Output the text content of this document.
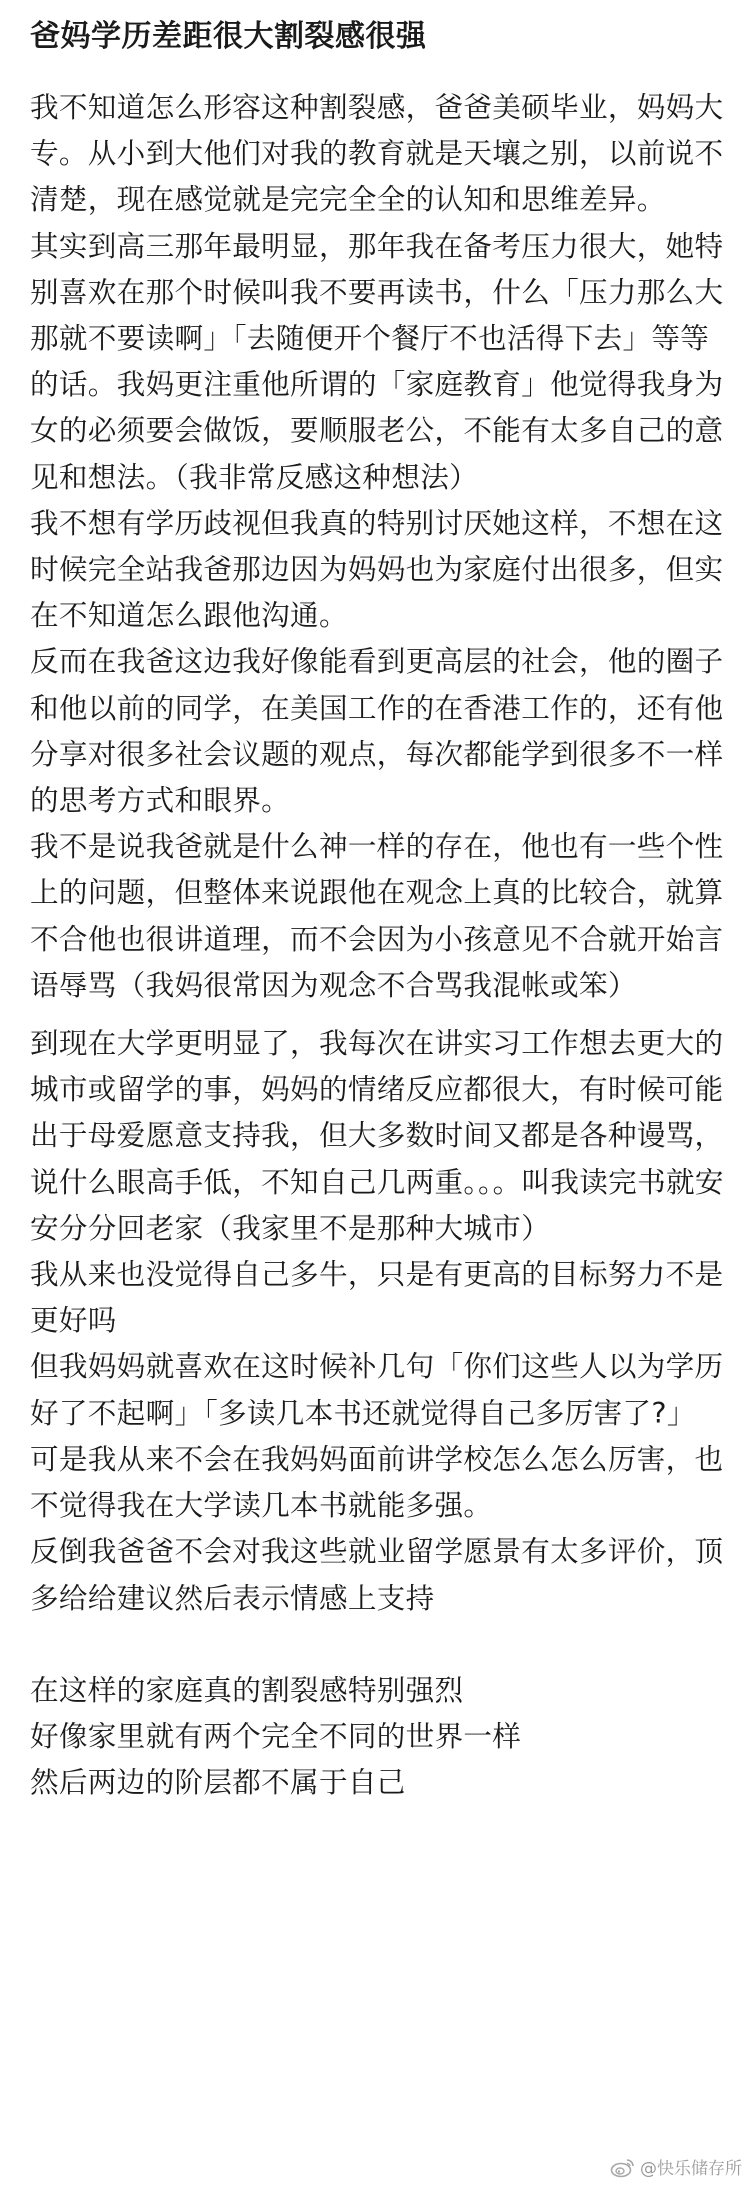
爸妈学历差距很大割裂感很强

我不知道怎么形容这种割裂感，爸爸美硕毕业，妈妈大专。从小到大他们对我的教育就是天壤之别，以前说不清楚，现在感觉就是完完全全的认知和思维差异。

其实到高三那年最明显，那年我在备考压力很大，她特别喜欢在那个时候叫我不要再读书，什么「压力那么大那就不要读啊」「去随便开个餐厅不也活得下去」等等的话。我妈更注重他所谓的「家庭教育」他觉得我身为女的必须要会做饭，要顺服老公，不能有太多自己的意见和想法。（我非常反感这种想法）

我不想有学历歧视但我真的特别讨厌她这样，不想在这时候完全站我爸那边因为妈妈也为家庭付出很多，但实在不知道怎么跟他沟通。

反而在我爸这边我好像能看到更高层的社会，他的圈子和他以前的同学，在美国工作的在香港工作的，还有他分享对很多社会议题的观点，每次都能学到很多不一样的思考方式和眼界。

我不是说我爸就是什么神一样的存在，他也有一些个性上的问题，但整体来说跟他在观念上真的比较合，就算不合他也很讲道理，而不会因为小孩意见不合就开始言语辱骂（我妈很常因为观念不合骂我混帐或笨）

到现在大学更明显了，我每次在讲实习工作想去更大的城市或留学的事，妈妈的情绪反应都很大，有时候可能出于母爱愿意支持我，但大多数时间又都是各种谩骂，说什么眼高手低，不知自己几两重。。。叫我读完书就安安分分回老家（我家里不是那种大城市）

我从来也没觉得自己多牛，只是有更高的目标努力不是更好吗

但我妈妈就喜欢在这时候补几句「你们这些人以为学历好了不起啊」「多读几本书还就觉得自己多厉害了?」

可是我从来不会在我妈妈面前讲学校怎么怎么厉害，也不觉得我在大学读几本书就能多强。

反倒我爸爸不会对我这些就业留学愿景有太多评价，顶多给给建议然后表示情感上支持

在这样的家庭真的割裂感特别强烈

好像家里就有两个完全不同的世界一样

然后两边的阶层都不属于自己

@快乐储存所
